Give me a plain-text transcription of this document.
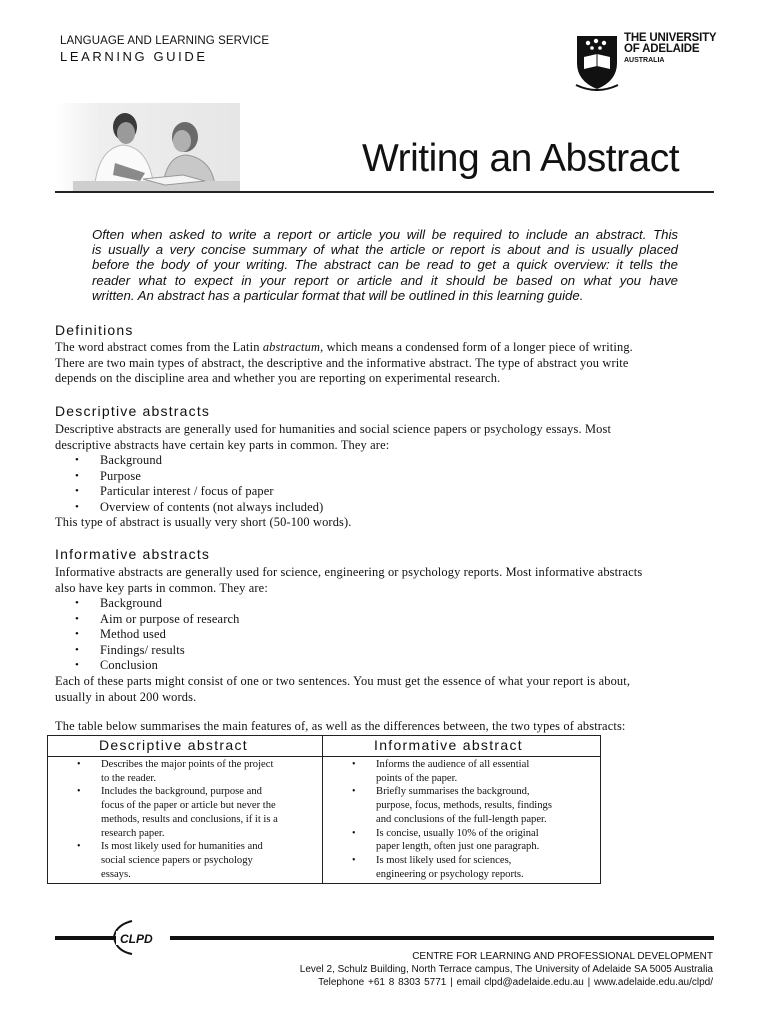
LANGUAGE AND LEARNING SERVICE
LEARNING GUIDE
THE UNIVERSITY
OF ADELAIDE
AUSTRALIA
Writing an Abstract
Often when asked to write a report or article you will be required to include an abstract. This
is usually a very concise summary of what the article or report is about and is usually placed
before the body of your writing. The abstract can be read to get a quick overview: it tells the
reader what to expect in your report or article and it should be based on what you have
written. An abstract has a particular format that will be outlined in this learning guide.
Definitions
The word abstract comes from the Latin abstractum, which means a condensed form of a longer piece of writing.
There are two main types of abstract, the descriptive and the informative abstract. The type of abstract you write
depends on the discipline area and whether you are reporting on experimental research.
Descriptive abstracts
Descriptive abstracts are generally used for humanities and social science papers or psychology essays. Most
descriptive abstracts have certain key parts in common. They are:
• Background
• Purpose
• Particular interest / focus of paper
• Overview of contents (not always included)
This type of abstract is usually very short (50-100 words).
Informative abstracts
Informative abstracts are generally used for science, engineering or psychology reports. Most informative abstracts
also have key parts in common. They are:
• Background
• Aim or purpose of research
• Method used
• Findings/ results
• Conclusion
Each of these parts might consist of one or two sentences. You must get the essence of what your report is about,
usually in about 200 words.
The table below summarises the main features of, as well as the differences between, the two types of abstracts:
Descriptive abstract	Informative abstract
• Describes the major points of the project
to the reader.
• Includes the background, purpose and
focus of the paper or article but never the
methods, results and conclusions, if it is a
research paper.
• Is most likely used for humanities and
social science papers or psychology
essays.
• Informs the audience of all essential
points of the paper.
• Briefly summarises the background,
purpose, focus, methods, results, findings
and conclusions of the full-length paper.
• Is concise, usually 10% of the original
paper length, often just one paragraph.
• Is most likely used for sciences,
engineering or psychology reports.
CLPD
CENTRE FOR LEARNING AND PROFESSIONAL DEVELOPMENT
Level 2, Schulz Building, North Terrace campus, The University of Adelaide SA 5005 Australia
Telephone +61 8 8303 5771 | email clpd@adelaide.edu.au | www.adelaide.edu.au/clpd/
